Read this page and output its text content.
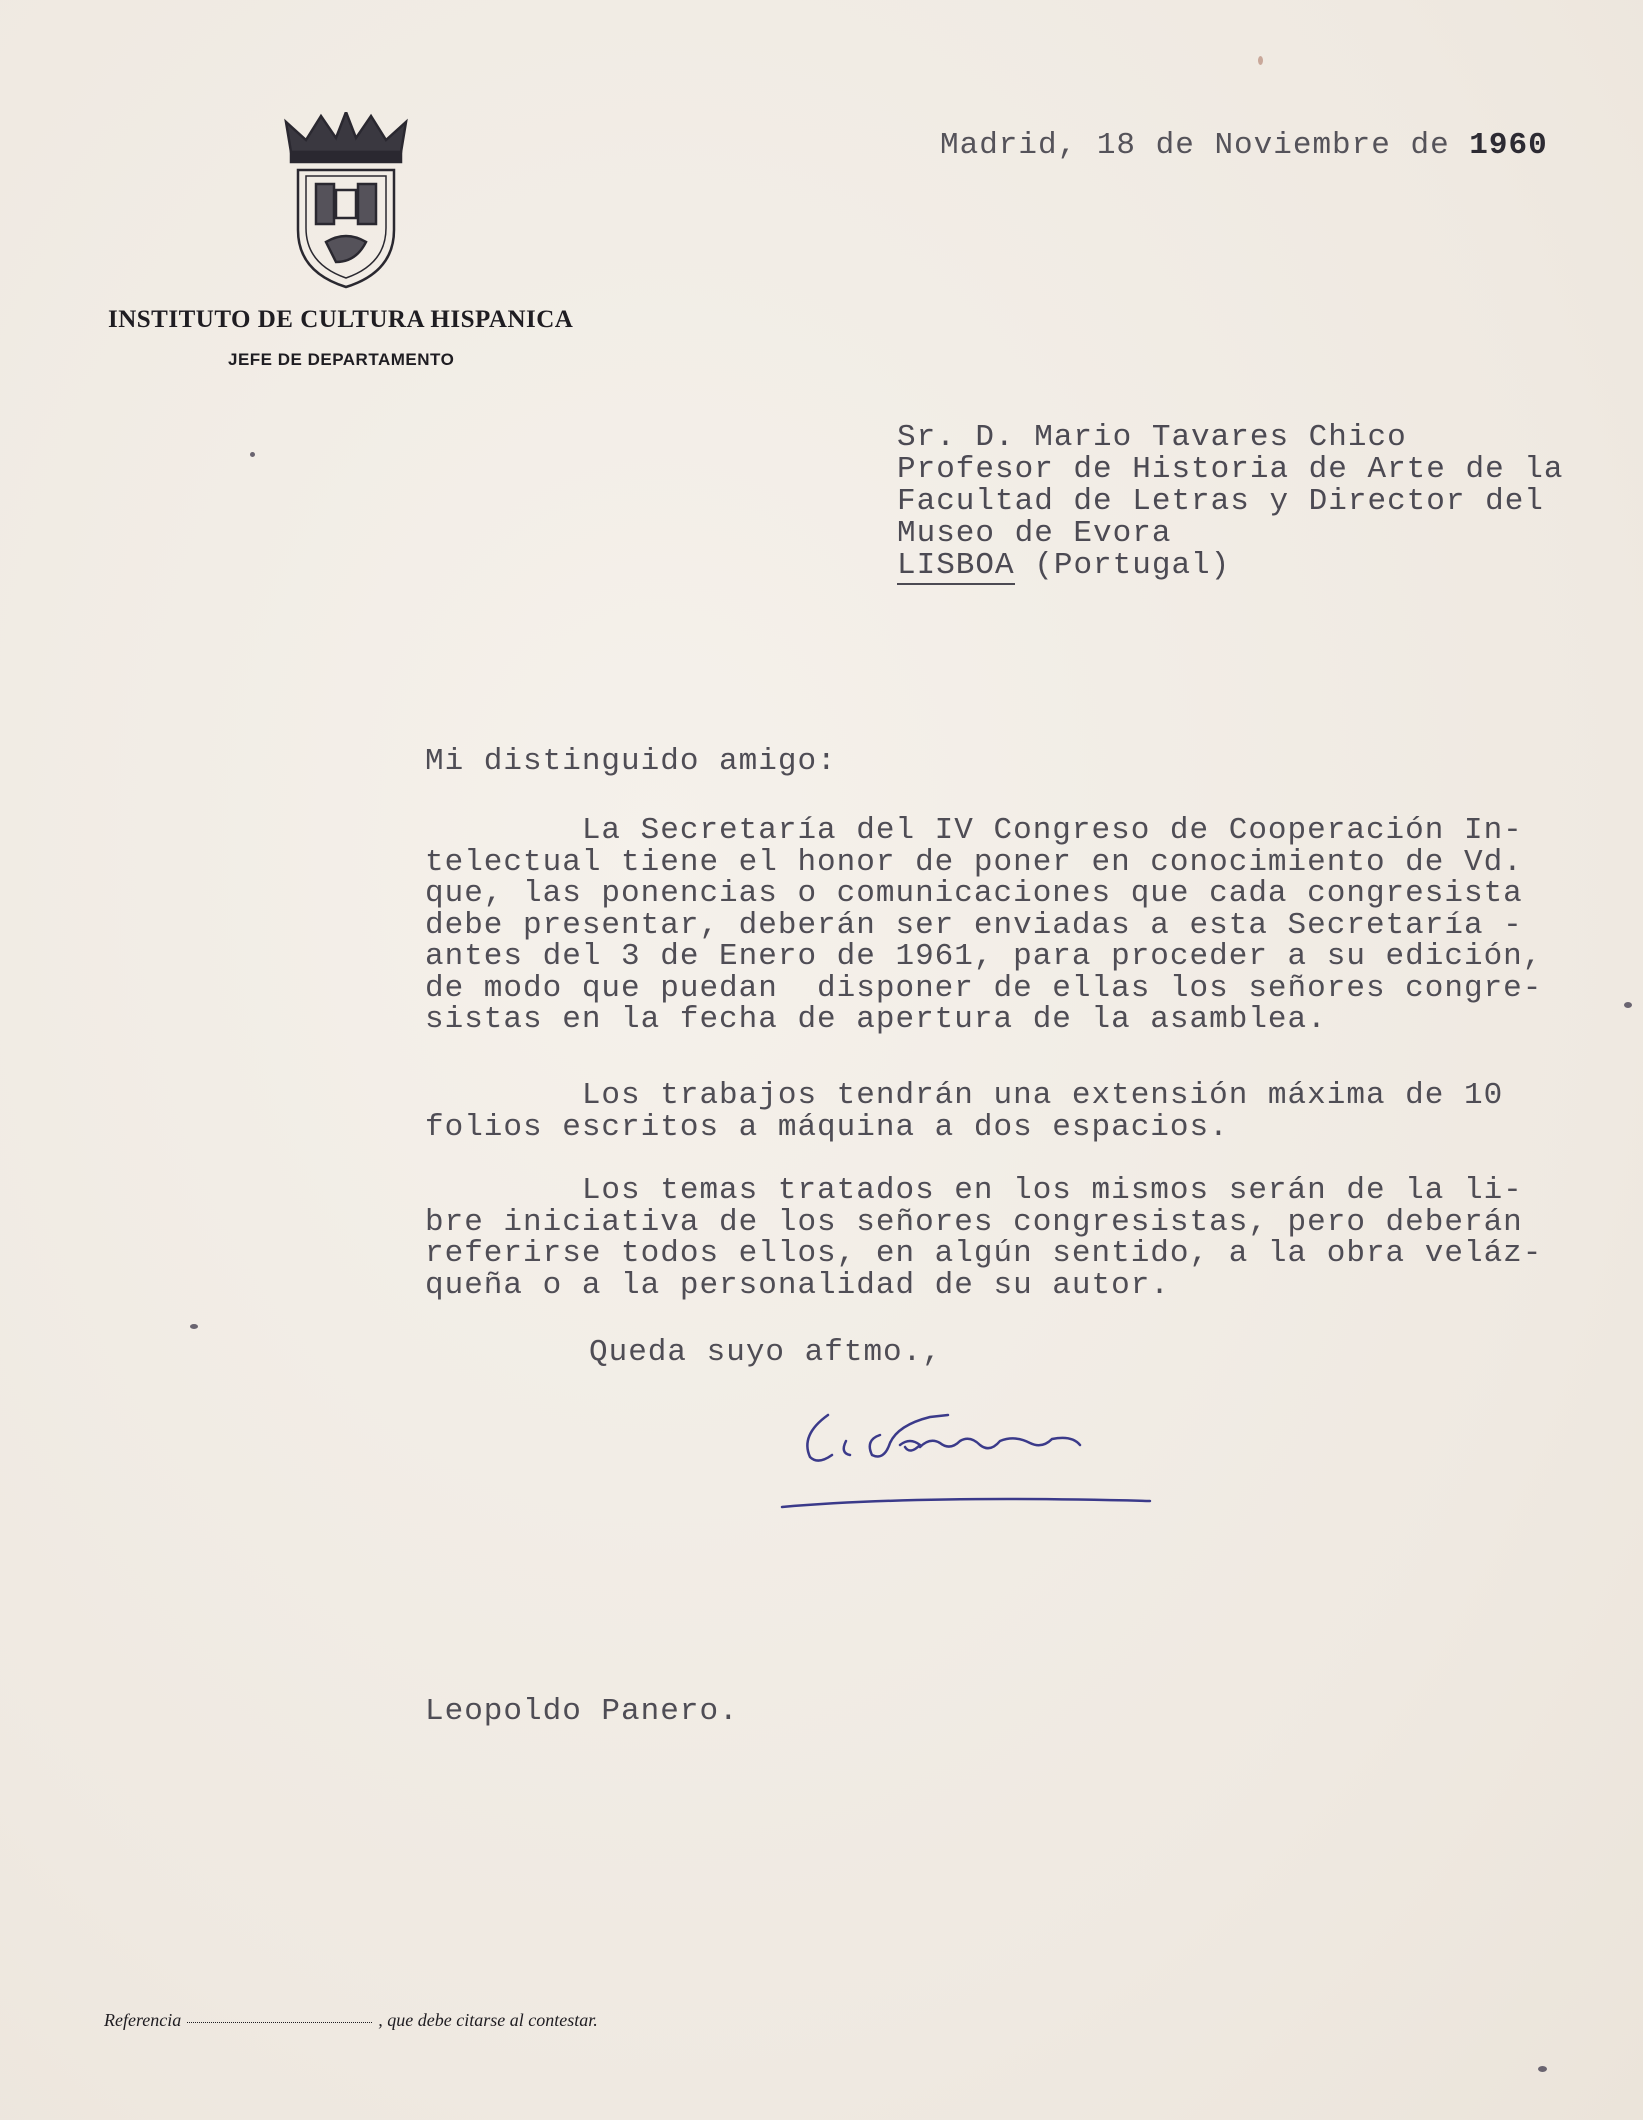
INSTITUTO DE CULTURA HISPANICA
JEFE DE DEPARTAMENTO
Madrid, 18 de Noviembre de 1960
Sr. D. Mario Tavares Chico
Profesor de Historia de Arte de la
Facultad de Letras y Director del
Museo de Evora
LISBOA (Portugal)
Mi distinguido amigo:
La Secretaría del IV Congreso de Cooperación In-
telectual tiene el honor de poner en conocimiento de Vd.
que, las ponencias o comunicaciones que cada congresista
debe presentar, deberán ser enviadas a esta Secretaría -
antes del 3 de Enero de 1961, para proceder a su edición,
de modo que puedan  disponer de ellas los señores congre-
sistas en la fecha de apertura de la asamblea.
Los trabajos tendrán una extensión máxima de 10
folios escritos a máquina a dos espacios.
Los temas tratados en los mismos serán de la li-
bre iniciativa de los señores congresistas, pero deberán
referirse todos ellos, en algún sentido, a la obra veláz-
queña o a la personalidad de su autor.
Queda suyo aftmo.,
Leopoldo Panero.
Referencia	, que debe citarse al contestar.
